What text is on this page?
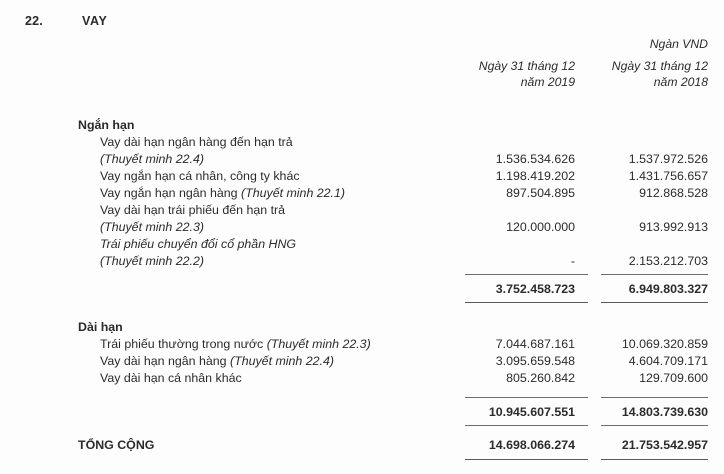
22.	VAY
Ngàn VND
Ngày 31 tháng 12
năm 2019
Ngày 31 tháng 12
năm 2018
Ngắn hạn
Vay dài hạn ngân hàng đến hạn trả
(Thuyết minh 22.4)	1.536.534.626	1.537.972.526
Vay ngắn hạn cá nhân, công ty khác	1.198.419.202	1.431.756.657
Vay ngắn hạn ngân hàng (Thuyết minh 22.1)	897.504.895	912.868.528
Vay dài hạn trái phiếu đến hạn trả
(Thuyết minh 22.3)	120.000.000	913.992.913
Trái phiếu chuyển đổi cổ phần HNG
(Thuyết minh 22.2)	-	2.153.212.703
3.752.458.723	6.949.803.327
Dài hạn
Trái phiếu thường trong nước (Thuyết minh 22.3)	7.044.687.161	10.069.320.859
Vay dài hạn ngân hàng (Thuyết minh 22.4)	3.095.659.548	4.604.709.171
Vay dài hạn cá nhân khác	805.260.842	129.709.600
10.945.607.551	14.803.739.630
TỔNG CỘNG	14.698.066.274	21.753.542.957
